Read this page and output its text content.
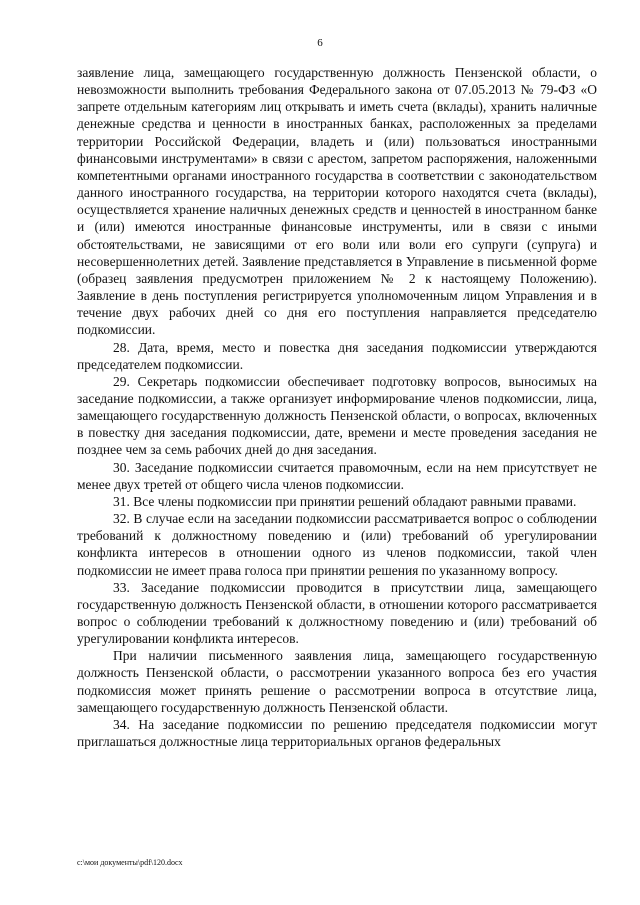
6

заявление лица, замещающего государственную должность Пензенской области, о невозможности выполнить требования Федерального закона от 07.05.2013 № 79-ФЗ «О запрете отдельным категориям лиц открывать и иметь счета (вклады), хранить наличные денежные средства и ценности в иностранных банках, расположенных за пределами территории Российской Федерации, владеть и (или) пользоваться иностранными финансовыми инструментами» в связи с арестом, запретом распоряжения, наложенными компетентными органами иностранного государства в соответствии с законодательством данного иностранного государства, на территории которого находятся счета (вклады), осуществляется хранение наличных денежных средств и ценностей в иностранном банке и (или) имеются иностранные финансовые инструменты, или в связи с иными обстоятельствами, не зависящими от его воли или воли его супруги (супруга) и несовершеннолетних детей. Заявление представляется в Управление в письменной форме (образец заявления предусмотрен приложением № 2 к настоящему Положению). Заявление в день поступления регистрируется уполномоченным лицом Управления и в течение двух рабочих дней со дня его поступления направляется председателю подкомиссии.

28. Дата, время, место и повестка дня заседания подкомиссии утверждаются председателем подкомиссии.

29. Секретарь подкомиссии обеспечивает подготовку вопросов, выносимых на заседание подкомиссии, а также организует информирование членов подкомиссии, лица, замещающего государственную должность Пензенской области, о вопросах, включенных в повестку дня заседания подкомиссии, дате, времени и месте проведения заседания не позднее чем за семь рабочих дней до дня заседания.

30. Заседание подкомиссии считается правомочным, если на нем присутствует не менее двух третей от общего числа членов подкомиссии.

31. Все члены подкомиссии при принятии решений обладают равными правами.

32. В случае если на заседании подкомиссии рассматривается вопрос о соблюдении требований к должностному поведению и (или) требований об урегулировании конфликта интересов в отношении одного из членов подкомиссии, такой член подкомиссии не имеет права голоса при принятии решения по указанному вопросу.

33. Заседание подкомиссии проводится в присутствии лица, замещающего государственную должность Пензенской области, в отношении которого рассматривается вопрос о соблюдении требований к должностному поведению и (или) требований об урегулировании конфликта интересов.

При наличии письменного заявления лица, замещающего государственную должность Пензенской области, о рассмотрении указанного вопроса без его участия подкомиссия может принять решение о рассмотрении вопроса в отсутствие лица, замещающего государственную должность Пензенской области.

34. На заседание подкомиссии по решению председателя подкомиссии могут приглашаться должностные лица территориальных органов федеральных

c:\мои документы\pdf\120.docx
